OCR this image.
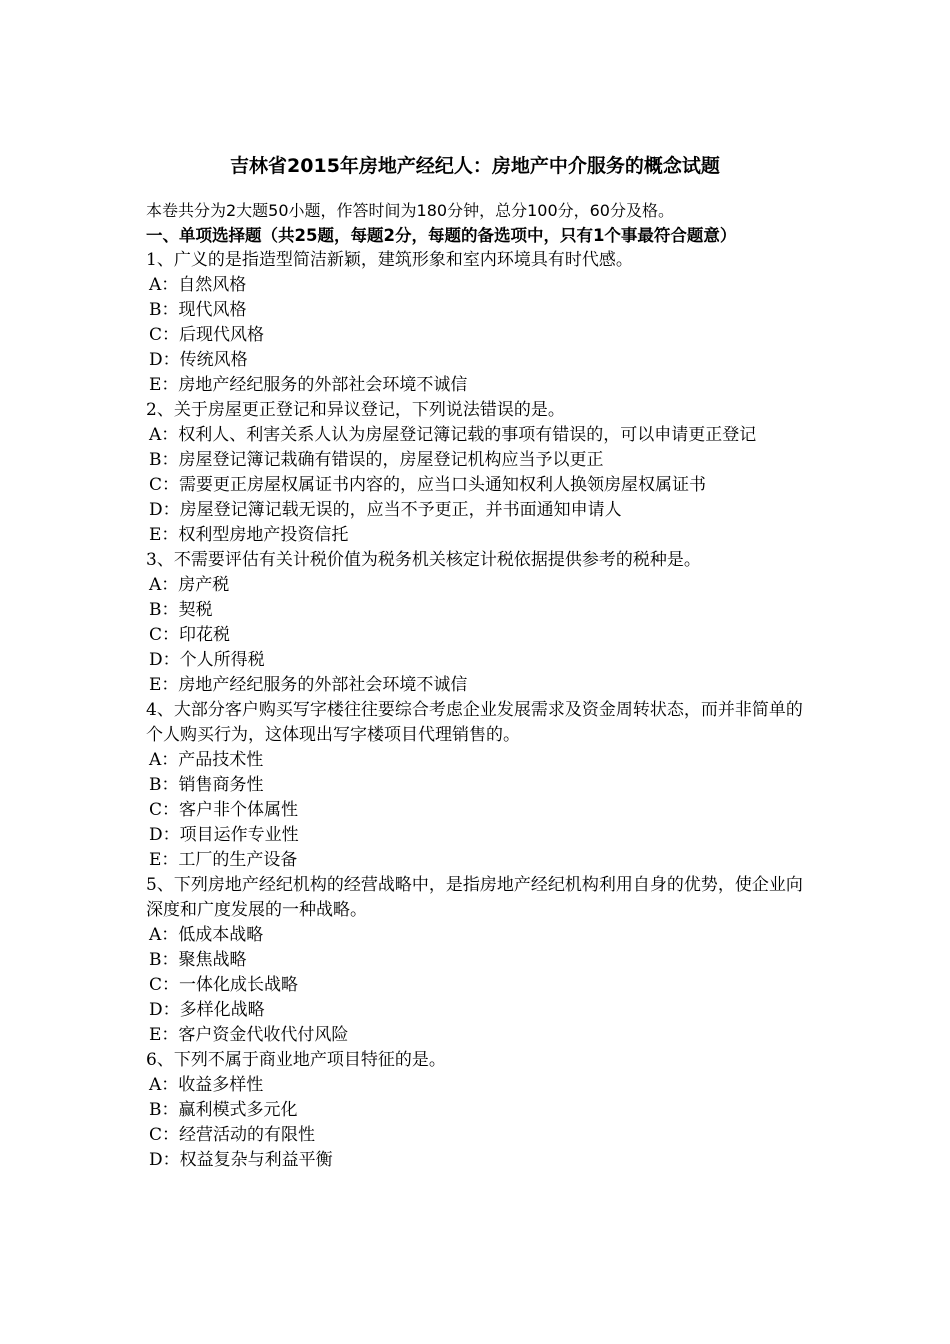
吉林省2015年房地产经纪人：房地产中介服务的概念试题
本卷共分为2大题50小题，作答时间为180分钟，总分100分，60分及格。
一、单项选择题（共25题，每题2分，每题的备选项中，只有1个事最符合题意）
1、广义的是指造型简洁新颖，建筑形象和室内环境具有时代感。
A：自然风格
B：现代风格
C：后现代风格
D：传统风格
E：房地产经纪服务的外部社会环境不诚信
2、关于房屋更正登记和异议登记，下列说法错误的是。
A：权利人、利害关系人认为房屋登记簿记载的事项有错误的，可以申请更正登记
B：房屋登记簿记栽确有错误的，房屋登记机构应当予以更正
C：需要更正房屋权属证书内容的，应当口头通知权利人换领房屋权属证书
D：房屋登记簿记载无误的，应当不予更正，并书面通知申请人
E：权利型房地产投资信托
3、不需要评估有关计税价值为税务机关核定计税依据提供参考的税种是。
A：房产税
B：契税
C：印花税
D：个人所得税
E：房地产经纪服务的外部社会环境不诚信
4、大部分客户购买写字楼往往要综合考虑企业发展需求及资金周转状态，而并非简单的个人购买行为，这体现出写字楼项目代理销售的。
A：产品技术性
B：销售商务性
C：客户非个体属性
D：项目运作专业性
E：工厂的生产设备
5、下列房地产经纪机构的经营战略中，是指房地产经纪机构利用自身的优势，使企业向深度和广度发展的一种战略。
A：低成本战略
B：聚焦战略
C：一体化成长战略
D：多样化战略
E：客户资金代收代付风险
6、下列不属于商业地产项目特征的是。
A：收益多样性
B：赢利模式多元化
C：经营活动的有限性
D：权益复杂与利益平衡
